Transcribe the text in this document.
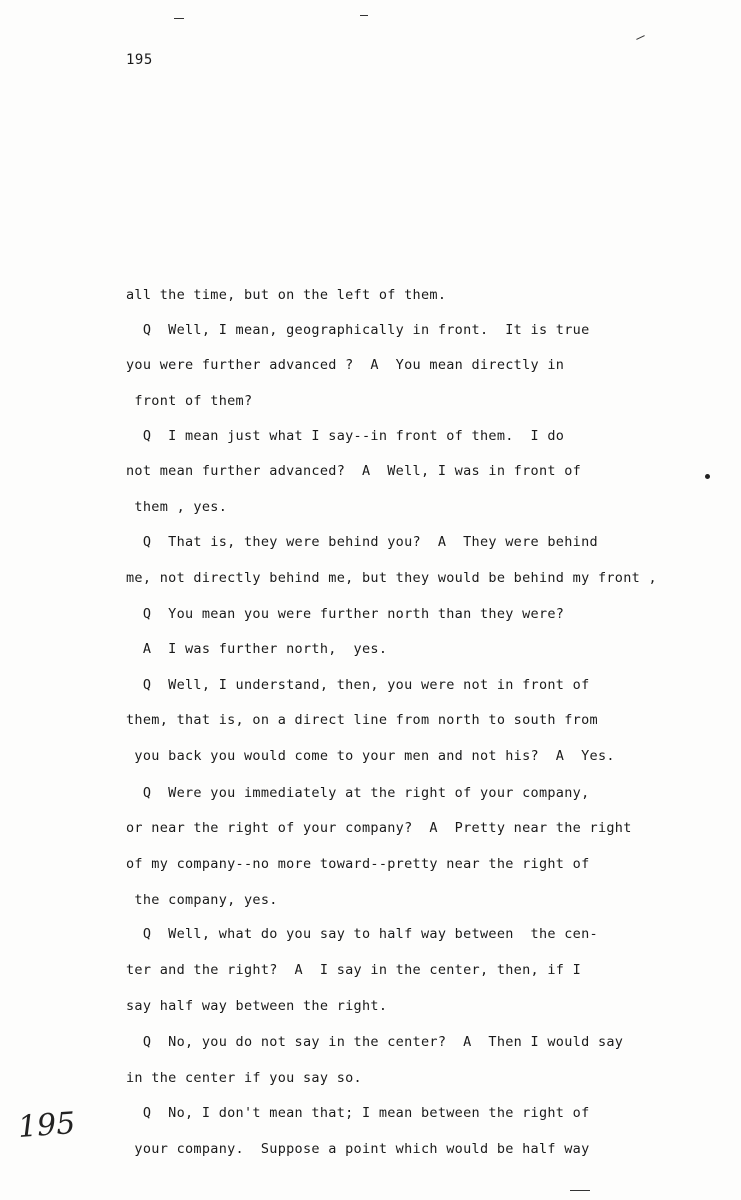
195
all the time, but on the left of them.
Q  Well, I mean, geographically in front.  It is true
you were further advanced ?  A  You mean directly in
front of them?
Q  I mean just what I say--in front of them.  I do
not mean further advanced?  A  Well, I was in front of
them , yes.
Q  That is, they were behind you?  A  They were behind
me, not directly behind me, but they would be behind my front ,
Q  You mean you were further north than they were?
A  I was further north,  yes.
Q  Well, I understand, then, you were not in front of
them, that is, on a direct line from north to south from
you back you would come to your men and not his?  A  Yes.
Q  Were you immediately at the right of your company,
or near the right of your company?  A  Pretty near the right
of my company--no more toward--pretty near the right of
the company, yes.
Q  Well, what do you say to half way between  the cen-
ter and the right?  A  I say in the center, then, if I
say half way between the right.
Q  No, you do not say in the center?  A  Then I would say
in the center if you say so.
Q  No, I don't mean that; I mean between the right of
your company.  Suppose a point which would be half way
195
